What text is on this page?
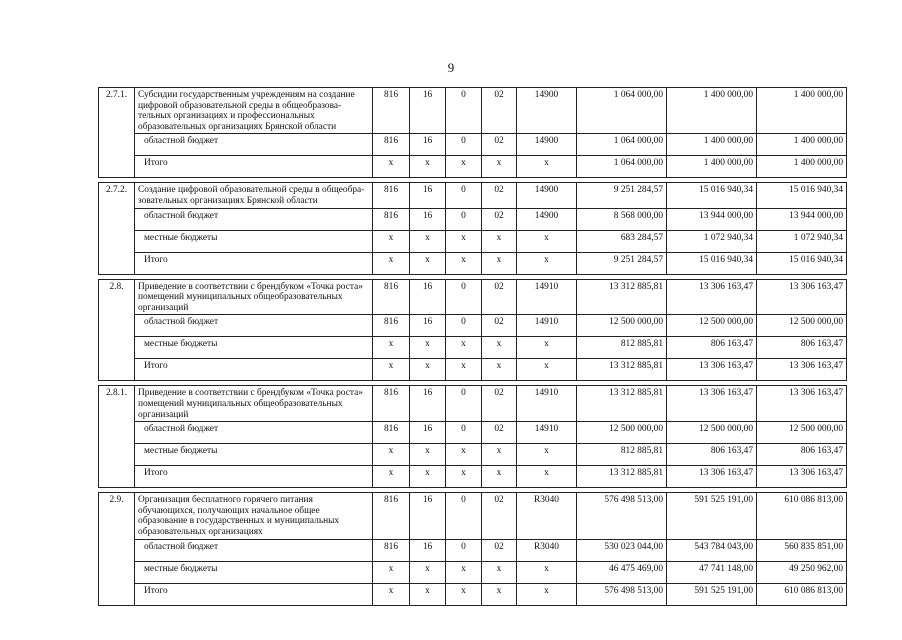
9
2.7.1.	Субсидии государственным учреждениям на создание цифровой образовательной среды в общеобразова-тельных организациях и профессиональных образовательных организациях Брянской области	816	16	0	02	14900	1 064 000,00	1 400 000,00	1 400 000,00
	областной бюджет	816	16	0	02	14900	1 064 000,00	1 400 000,00	1 400 000,00
	Итого	x	x	x	x	x	1 064 000,00	1 400 000,00	1 400 000,00

2.7.2.	Создание цифровой образовательной среды в общеобра-зовательных организациях Брянской области	816	16	0	02	14900	9 251 284,57	15 016 940,34	15 016 940,34
	областной бюджет	816	16	0	02	14900	8 568 000,00	13 944 000,00	13 944 000,00
	местные бюджеты	x	x	x	x	x	683 284,57	1 072 940,34	1 072 940,34
	Итого	x	x	x	x	x	9 251 284,57	15 016 940,34	15 016 940,34

2.8.	Приведение в соответствии с брендбуком «Точка роста» помещений муниципальных общеобразовательных организаций	816	16	0	02	14910	13 312 885,81	13 306 163,47	13 306 163,47
	областной бюджет	816	16	0	02	14910	12 500 000,00	12 500 000,00	12 500 000,00
	местные бюджеты	x	x	x	x	x	812 885,81	806 163,47	806 163,47
	Итого	x	x	x	x	x	13 312 885,81	13 306 163,47	13 306 163,47

2.8.1.	Приведение в соответствии с брендбуком «Точка роста» помещений муниципальных общеобразовательных организаций	816	16	0	02	14910	13 312 885,81	13 306 163,47	13 306 163,47
	областной бюджет	816	16	0	02	14910	12 500 000,00	12 500 000,00	12 500 000,00
	местные бюджеты	x	x	x	x	x	812 885,81	806 163,47	806 163,47
	Итого	x	x	x	x	x	13 312 885,81	13 306 163,47	13 306 163,47

2.9.	Организация бесплатного горячего питания обучающихся, получающих начальное общее образование в государственных и муниципальных образовательных организациях	816	16	0	02	R3040	576 498 513,00	591 525 191,00	610 086 813,00
	областной бюджет	816	16	0	02	R3040	530 023 044,00	543 784 043,00	560 835 851,00
	местные бюджеты	x	x	x	x	x	46 475 469,00	47 741 148,00	49 250 962,00
	Итого	x	x	x	x	x	576 498 513,00	591 525 191,00	610 086 813,00
